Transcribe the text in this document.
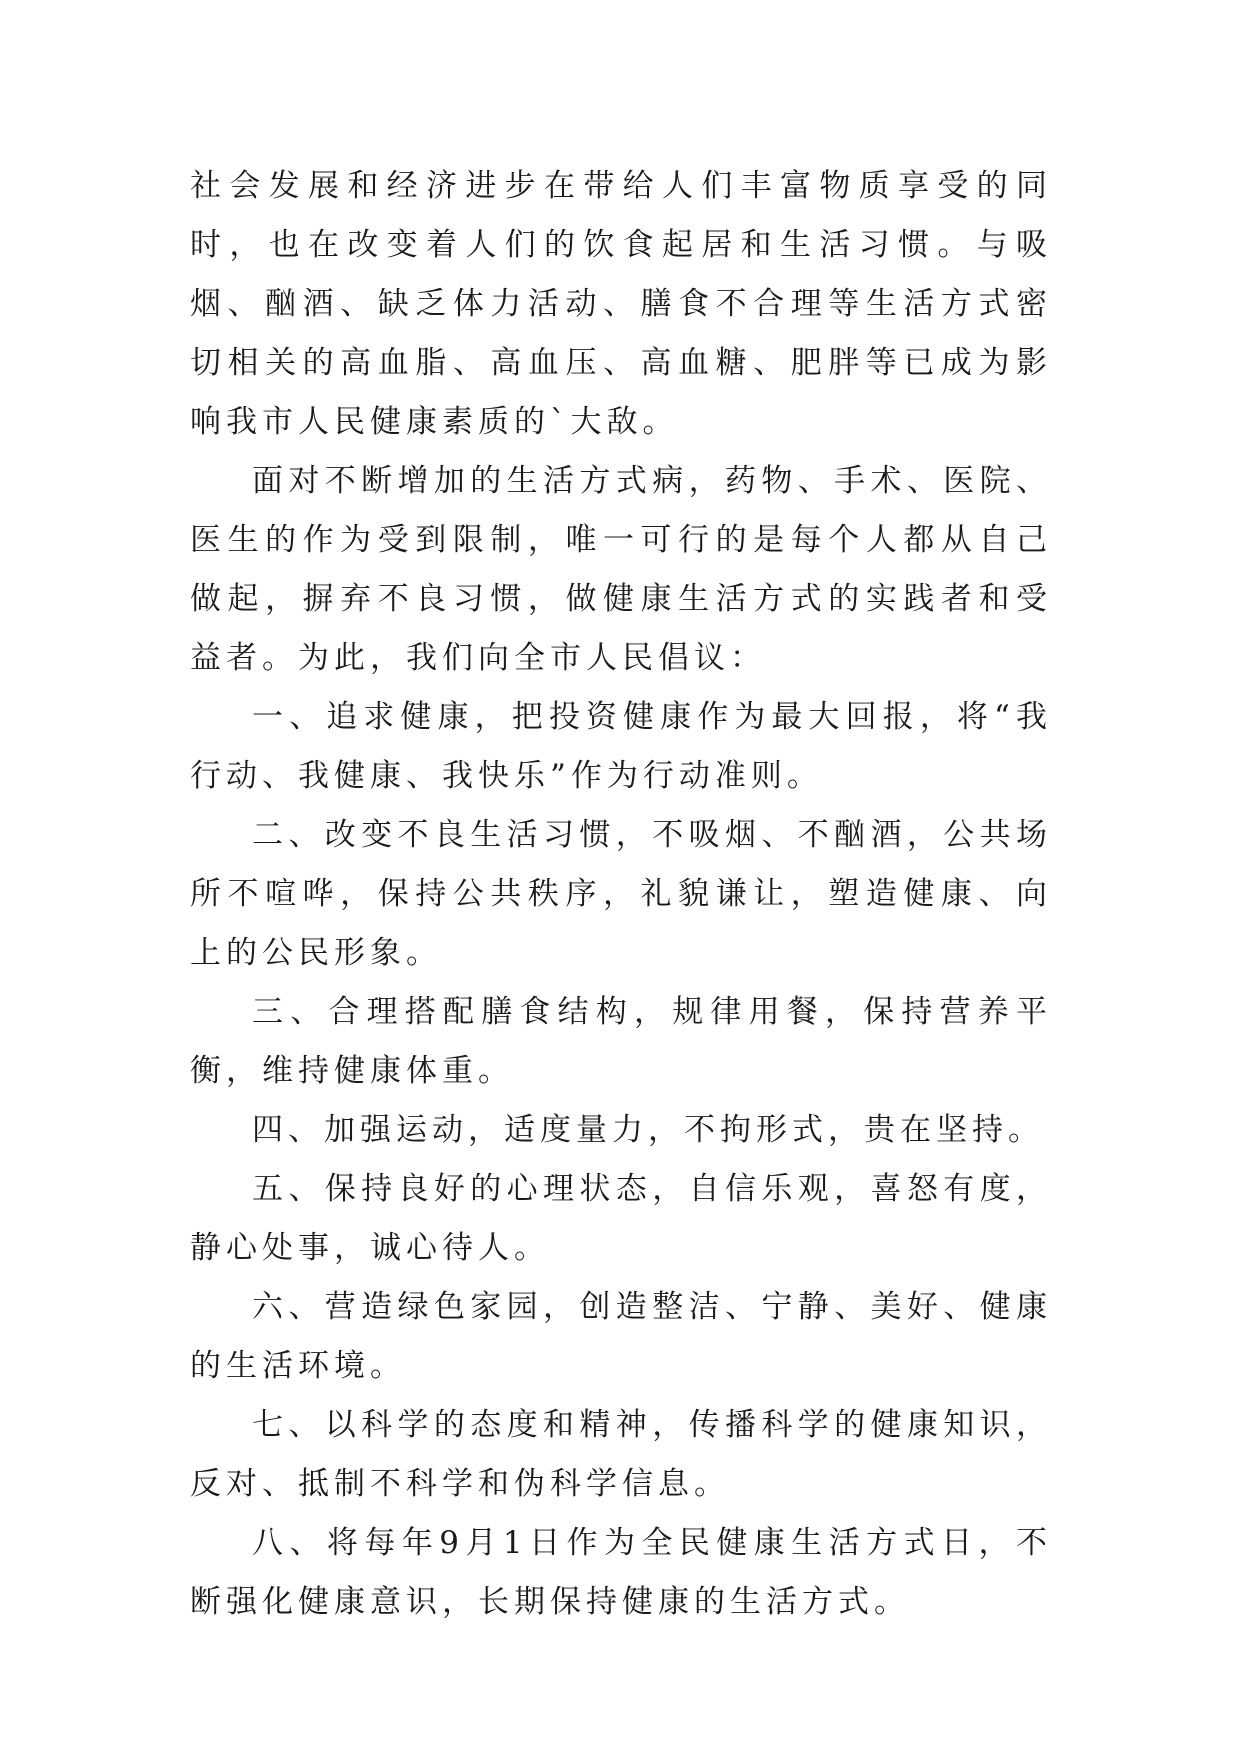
社会发展和经济进步在带给人们丰富物质享受的同时，也在改变着人们的饮食起居和生活习惯。与吸烟、酗酒、缺乏体力活动、膳食不合理等生活方式密切相关的高血脂、高血压、高血糖、肥胖等已成为影响我市人民健康素质的`大敌。

面对不断增加的生活方式病，药物、手术、医院、医生的作为受到限制，唯一可行的是每个人都从自己做起，摒弃不良习惯，做健康生活方式的实践者和受益者。为此，我们向全市人民倡议：

一、追求健康，把投资健康作为最大回报，将“我行动、我健康、我快乐”作为行动准则。

二、改变不良生活习惯，不吸烟、不酗酒，公共场所不喧哗，保持公共秩序，礼貌谦让，塑造健康、向上的公民形象。

三、合理搭配膳食结构，规律用餐，保持营养平衡，维持健康体重。

四、加强运动，适度量力，不拘形式，贵在坚持。

五、保持良好的心理状态，自信乐观，喜怒有度，静心处事，诚心待人。

六、营造绿色家园，创造整洁、宁静、美好、健康的生活环境。

七、以科学的态度和精神，传播科学的健康知识，反对、抵制不科学和伪科学信息。

八、将每年9月1日作为全民健康生活方式日，不断强化健康意识，长期保持健康的生活方式。
